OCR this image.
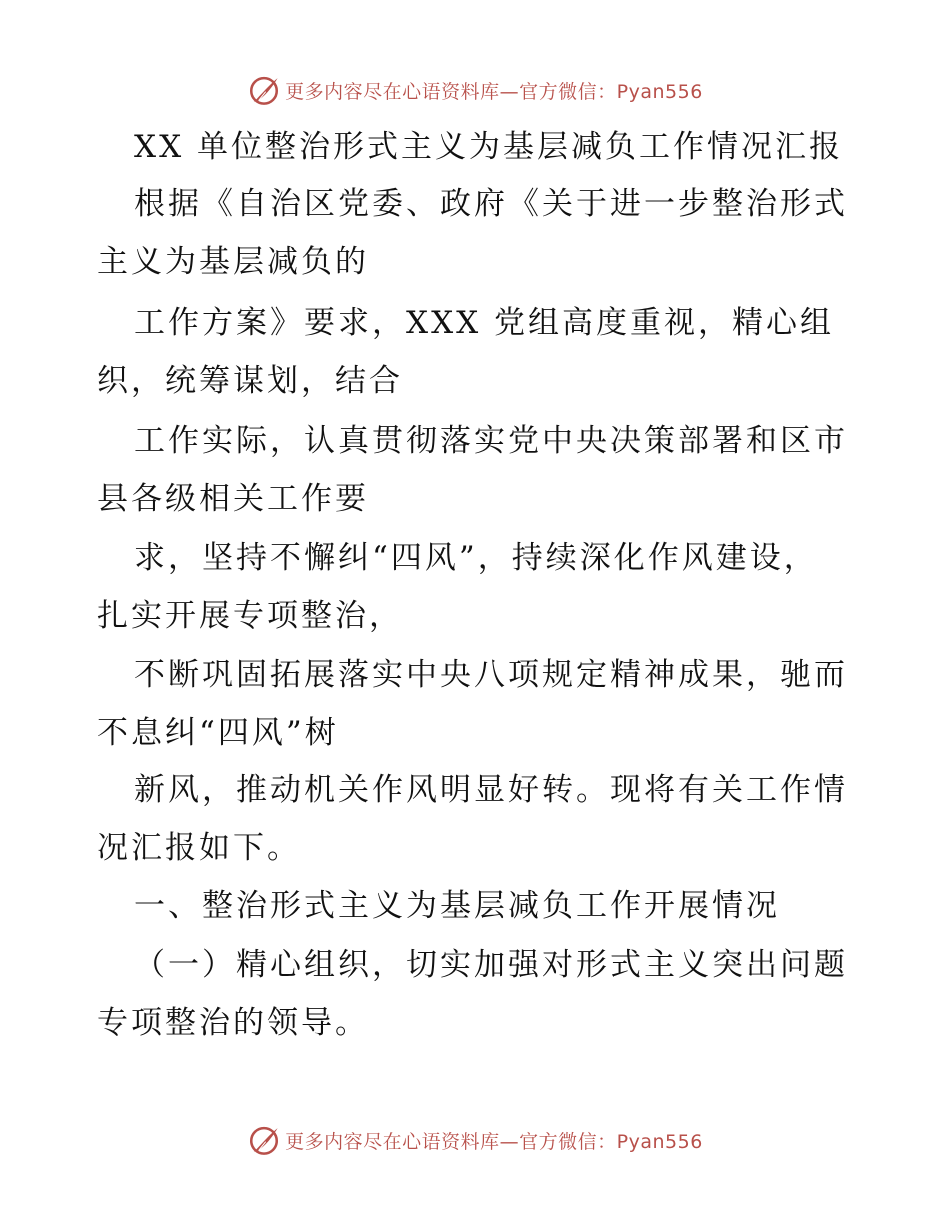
更多内容尽在心语资料库—官方微信：Pyan556
XX 单位整治形式主义为基层减负工作情况汇报
根据《自治区党委、政府《关于进一步整治形式
主义为基层减负的
工作方案》要求，XXX 党组高度重视，精心组
织，统筹谋划，结合
工作实际，认真贯彻落实党中央决策部署和区市
县各级相关工作要
求，坚持不懈纠“四风”，持续深化作风建设，
扎实开展专项整治，
不断巩固拓展落实中央八项规定精神成果，驰而
不息纠“四风”树
新风，推动机关作风明显好转。现将有关工作情
况汇报如下。
一、整治形式主义为基层减负工作开展情况
（一）精心组织，切实加强对形式主义突出问题
专项整治的领导。
更多内容尽在心语资料库—官方微信：Pyan556
